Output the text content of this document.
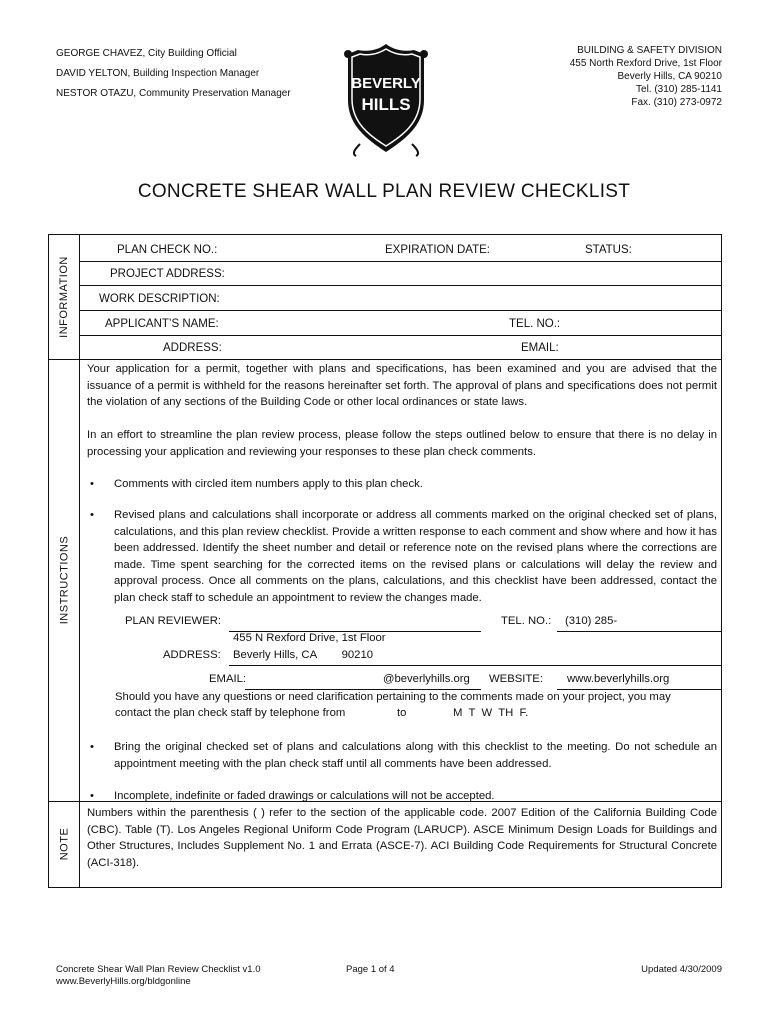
GEORGE CHAVEZ, City Building Official
DAVID YELTON, Building Inspection Manager
NESTOR OTAZU, Community Preservation Manager
BEVERLY
HILLS
BUILDING & SAFETY DIVISION
455 North Rexford Drive, 1st Floor
Beverly Hills, CA 90210
Tel. (310) 285-1141
Fax. (310) 273-0972
CONCRETE SHEAR WALL PLAN REVIEW CHECKLIST
INFORMATION
INSTRUCTIONS
NOTE
PLAN CHECK NO.:	EXPIRATION DATE:	STATUS:
PROJECT ADDRESS:
WORK DESCRIPTION:
APPLICANT’S NAME:	TEL. NO.:
ADDRESS:	EMAIL:
Your application for a permit, together with plans and specifications, has been examined and you are advised that the issuance of a permit is withheld for the reasons hereinafter set forth. The approval of plans and specifications does not permit the violation of any sections of the Building Code or other local ordinances or state laws.
In an effort to streamline the plan review process, please follow the steps outlined below to ensure that there is no delay in processing your application and reviewing your responses to these plan check comments.
• Comments with circled item numbers apply to this plan check.
• Revised plans and calculations shall incorporate or address all comments marked on the original checked set of plans, calculations, and this plan review checklist. Provide a written response to each comment and show where and how it has been addressed. Identify the sheet number and detail or reference note on the revised plans where the corrections are made. Time spent searching for the corrected items on the revised plans or calculations will delay the review and approval process. Once all comments on the plans, calculations, and this checklist have been addressed, contact the plan check staff to schedule an appointment to review the changes made.
PLAN REVIEWER:	TEL. NO.: (310) 285-
ADDRESS:
455 N Rexford Drive, 1st Floor
Beverly Hills, CA        90210
EMAIL:	@beverlyhills.org WEBSITE: www.beverlyhills.org
Should you have any questions or need clarification pertaining to the comments made on your project, you may
contact the plan check staff by telephone from	to	M  T  W  TH  F.
• Bring the original checked set of plans and calculations along with this checklist to the meeting. Do not schedule an appointment meeting with the plan check staff until all comments have been addressed.
• Incomplete, indefinite or faded drawings or calculations will not be accepted.
Numbers within the parenthesis ( ) refer to the section of the applicable code. 2007 Edition of the California Building Code (CBC). Table (T). Los Angeles Regional Uniform Code Program (LARUCP). ASCE Minimum Design Loads for Buildings and Other Structures, Includes Supplement No. 1 and Errata (ASCE-7). ACI Building Code Requirements for Structural Concrete (ACI-318).
Concrete Shear Wall Plan Review Checklist v1.0
www.BeverlyHills.org/bldgonline
Page 1 of 4	Updated 4/30/2009
